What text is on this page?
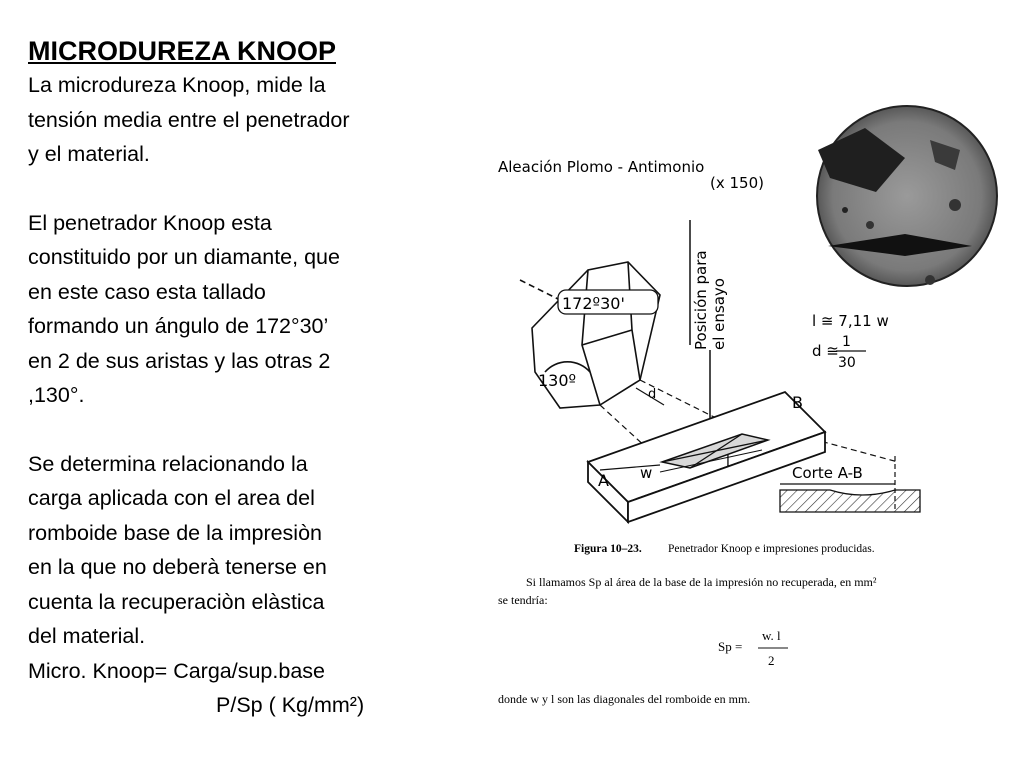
MICRODUREZA KNOOP

La microdureza Knoop, mide la

tensión media entre el penetrador

y el material.

El penetrador Knoop esta

constituido por un diamante, que

en este caso esta tallado

formando un ángulo de 172°30’

en 2 de sus aristas y las otras 2

,130°.

Se determina relacionando la

carga aplicada con el area del

romboide base de la impresiòn

en la que no deberà tenerse en

cuenta la recuperaciòn elàstica

del material.

Micro. Knoop= Carga/sup.base

P/Sp ( Kg/mm²)

Aleación Plomo - Antimonio
(x 150)
Posición para el ensayo	l ≅ 7,11 w
d ≅ 1
30
172º30'
130º
d
l
w
A
B
Corte A-B
Figura 10–23. Penetrador Knoop e impresiones producidas.
Si llamamos Sp al área de la base de la impresión no recuperada, en mm²
se tendría:
Sp =
w. l
2
donde w y l son las diagonales del romboide en mm.
